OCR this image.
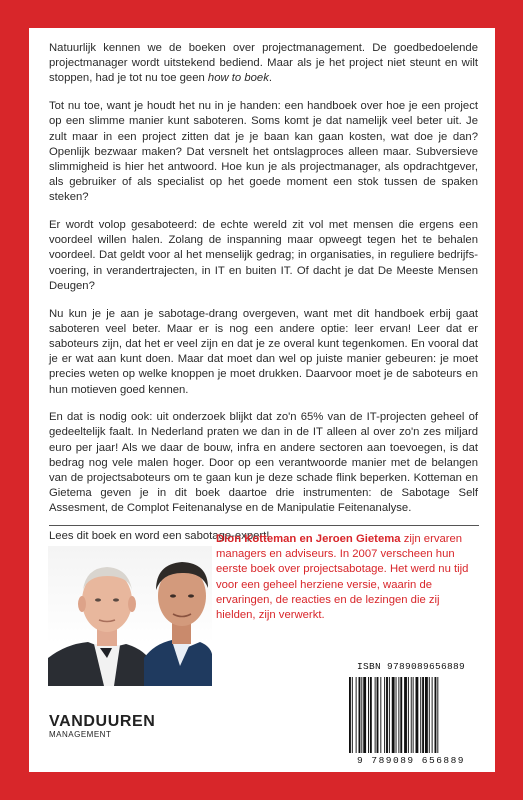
Natuurlijk kennen we de boeken over projectmanagement. De goedbedoelende projectmanager wordt uitstekend bediend. Maar als je het project niet steunt en wilt stoppen, had je tot nu toe geen how to boek.

Tot nu toe, want je houdt het nu in je handen: een handboek over hoe je een project op een slimme manier kunt saboteren. Soms komt je dat namelijk veel beter uit. Je zult maar in een project zitten dat je je baan kan gaan kosten, wat doe je dan? Openlijk bezwaar maken? Dat versnelt het ontslagproces alleen maar. Subversieve slimmigheid is hier het antwoord. Hoe kun je als projectmanager, als opdrachtgever, als gebruiker of als specialist op het goede moment een stok tussen de spaken steken?

Er wordt volop gesaboteerd: de echte wereld zit vol met mensen die ergens een voordeel willen halen. Zolang de inspanning maar opweegt tegen het te behalen voordeel. Dat geldt voor al het menselijk gedrag; in organisaties, in reguliere bedrijfs-voering, in verandertrajecten, in IT en buiten IT. Of dacht je dat De Meeste Mensen Deugen?

Nu kun je je aan je sabotage-drang overgeven, want met dit handboek erbij gaat saboteren veel beter. Maar er is nog een andere optie: leer ervan! Leer dat er saboteurs zijn, dat het er veel zijn en dat je ze overal kunt tegenkomen. En vooral dat je er wat aan kunt doen. Maar dat moet dan wel op juiste manier gebeuren: je moet precies weten op welke knoppen je moet drukken. Daarvoor moet je de saboteurs en hun motieven goed kennen.

En dat is nodig ook: uit onderzoek blijkt dat zo'n 65% van de IT-projecten geheel of gedeeltelijk faalt. In Nederland praten we dan in de IT alleen al over zo'n zes miljard euro per jaar! Als we daar de bouw, infra en andere sectoren aan toevoegen, is dat bedrag nog vele malen hoger. Door op een verantwoorde manier met de belangen van de projectsaboteurs om te gaan kun je deze schade flink beperken. Kotteman en Gietema geven je in dit boek daartoe drie instrumenten: de Sabotage Self Assesment, de Complot Feitenanalyse en de Manipulatie Feitenanalyse.

Lees dit boek en word een sabotage-expert!

Dion Kotteman en Jeroen Gietema zijn ervaren managers en adviseurs. In 2007 verscheen hun eerste boek over projectsabotage. Het werd nu tijd voor een geheel herziene versie, waarin de ervaringen, de reacties en de lezingen die zij hielden, zijn verwerkt.
VANDUUREN
MANAGEMENT
ISBN 9789089656889
9 789089 656889
